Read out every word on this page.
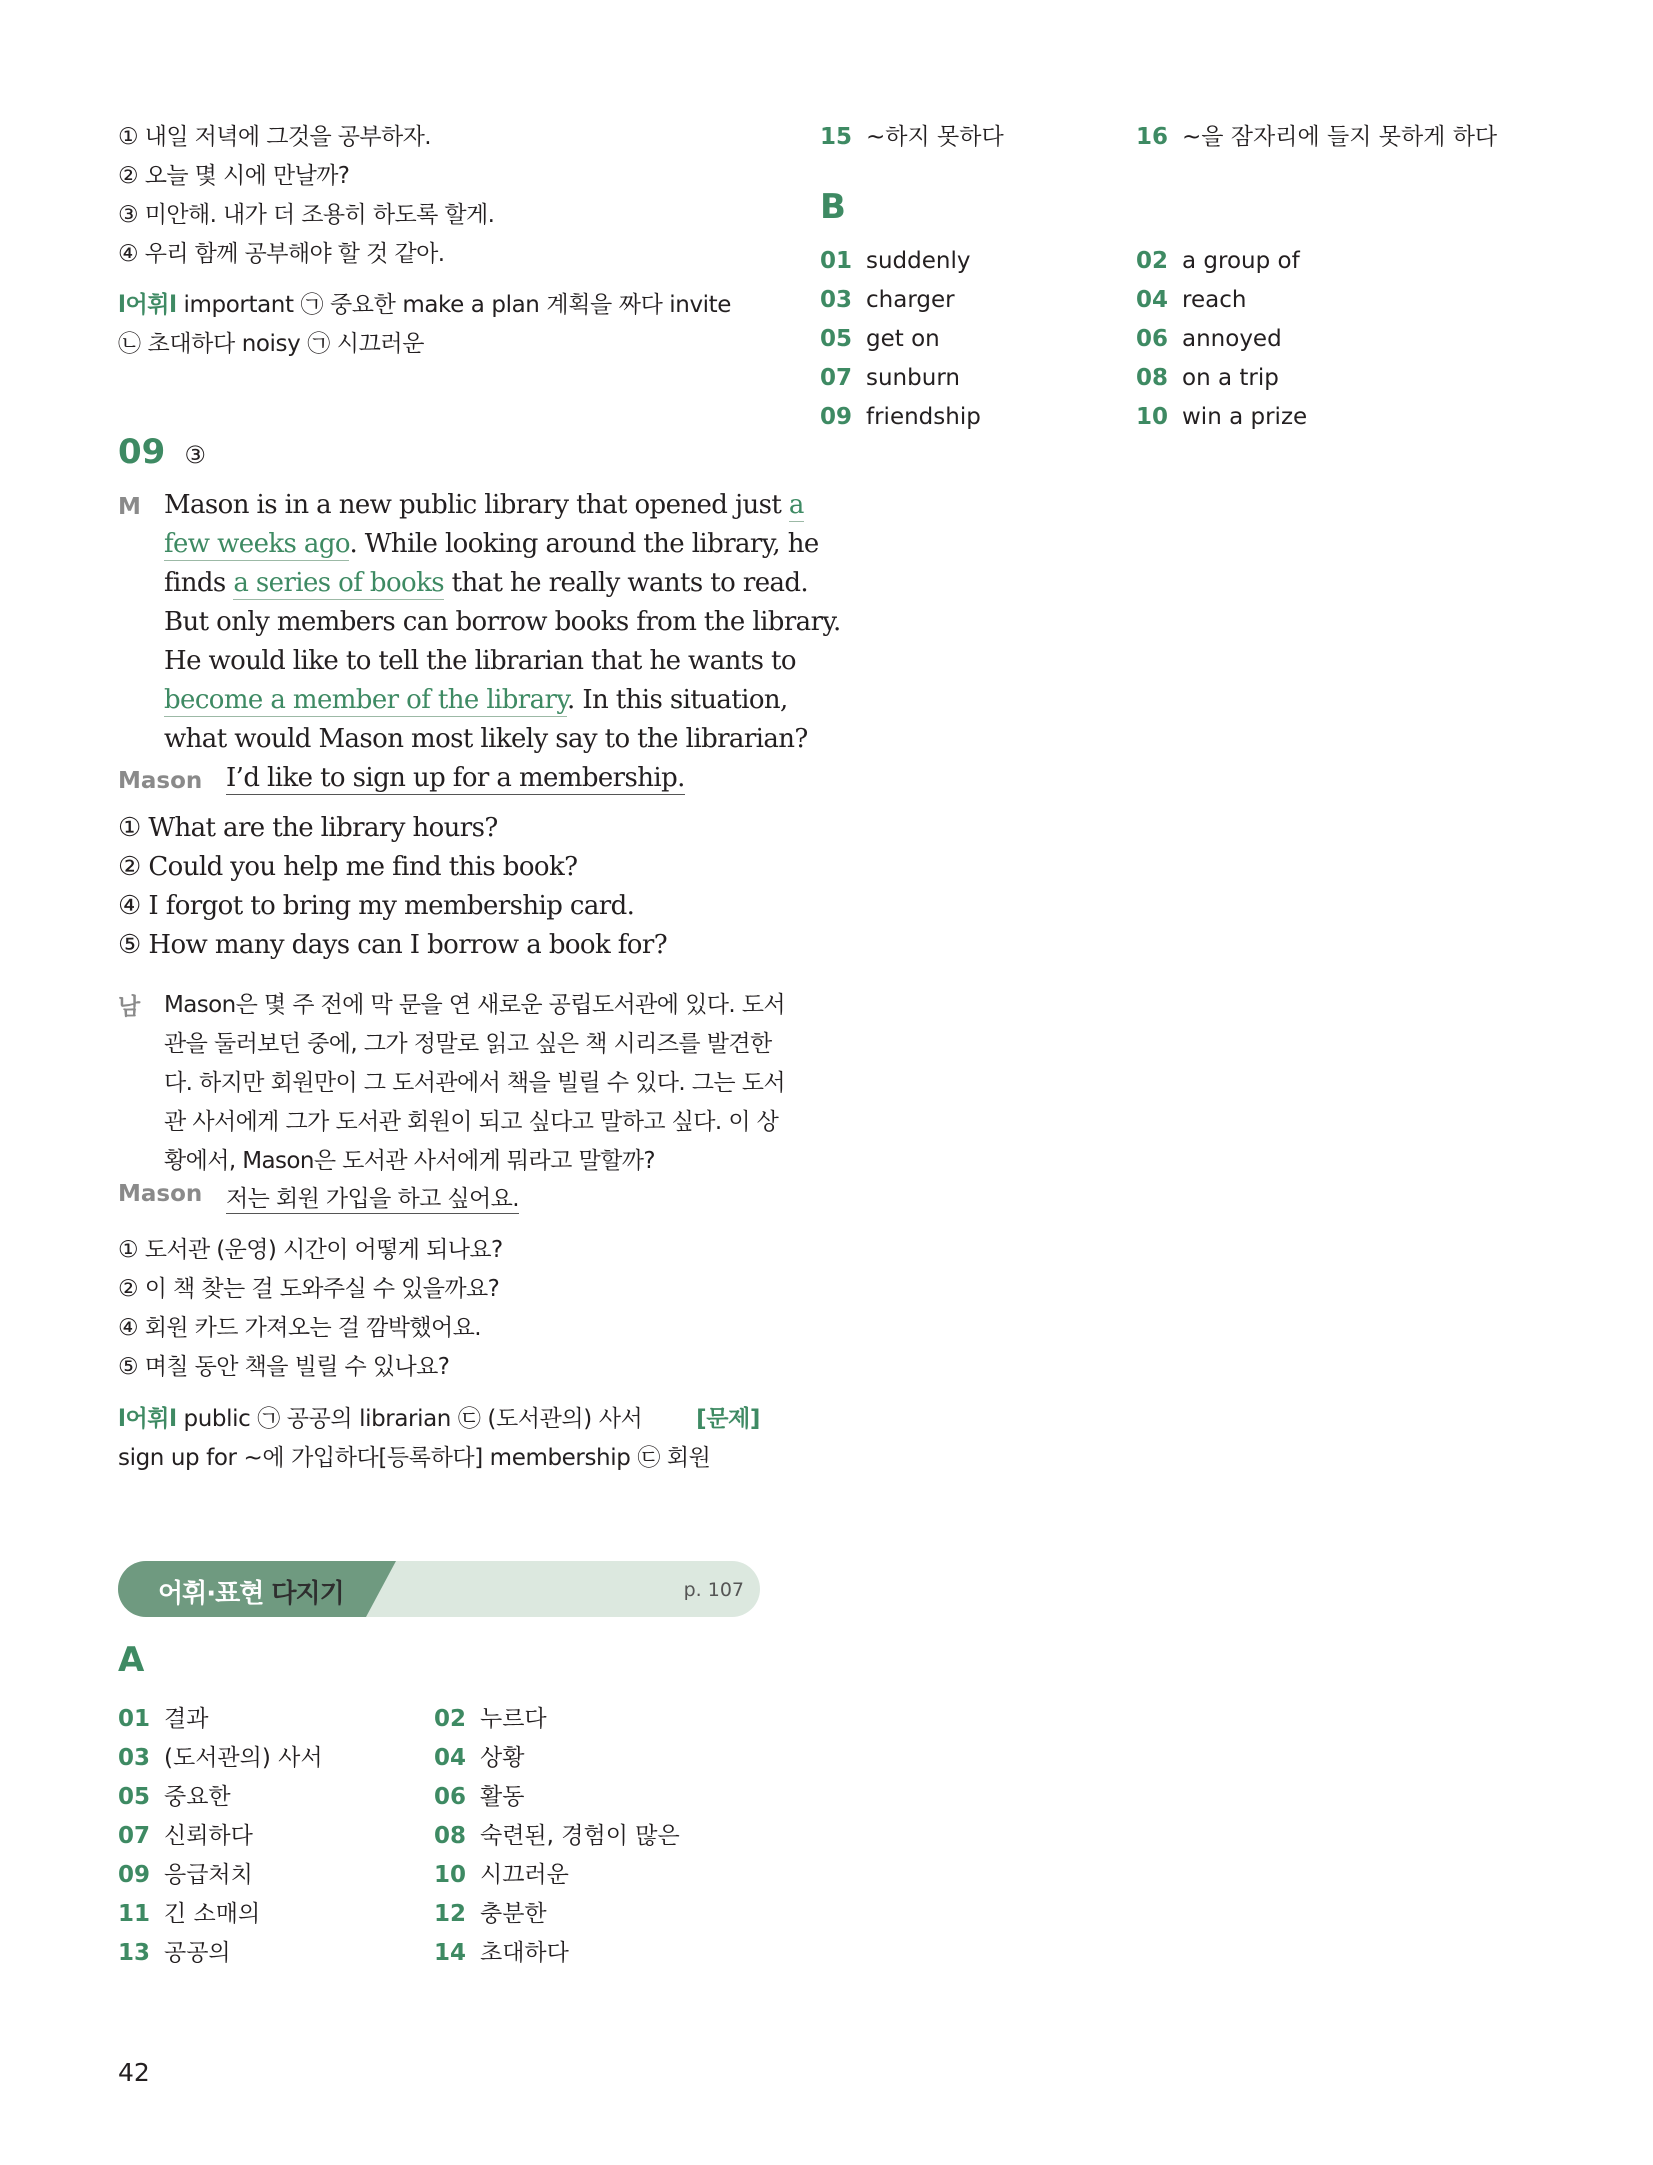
① 내일 저녁에 그것을 공부하자.
② 오늘 몇 시에 만날까?
③ 미안해. 내가 더 조용히 하도록 할게.
④ 우리 함께 공부해야 할 것 같아.
l어휘l important ㉠ 중요한 make a plan 계획을 짜다 invite
㉡ 초대하다 noisy ㉠ 시끄러운
09 ③
M Mason is in a new public library that opened just a
few weeks ago. While looking around the library, he
finds a series of books that he really wants to read.
But only members can borrow books from the library.
He would like to tell the librarian that he wants to
become a member of the library. In this situation,
what would Mason most likely say to the librarian?
Mason I’d like to sign up for a membership.
① What are the library hours?
② Could you help me find this book?
④ I forgot to bring my membership card.
⑤ How many days can I borrow a book for?
남 Mason은 몇 주 전에 막 문을 연 새로운 공립도서관에 있다. 도서
관을 둘러보던 중에, 그가 정말로 읽고 싶은 책 시리즈를 발견한
다. 하지만 회원만이 그 도서관에서 책을 빌릴 수 있다. 그는 도서
관 사서에게 그가 도서관 회원이 되고 싶다고 말하고 싶다. 이 상
황에서, Mason은 도서관 사서에게 뭐라고 말할까?
Mason 저는 회원 가입을 하고 싶어요.
① 도서관 (운영) 시간이 어떻게 되나요?
② 이 책 찾는 걸 도와주실 수 있을까요?
④ 회원 카드 가져오는 걸 깜박했어요.
⑤ 며칠 동안 책을 빌릴 수 있나요?
l어휘l public ㉠ 공공의 librarian ㉢ (도서관의) 사서 [문제]
sign up for ~에 가입하다[등록하다] membership ㉢ 회원
어휘·표현 다지기	p. 107
A
01 결과	02 누르다
03 (도서관의) 사서	04 상황
05 중요한	06 활동
07 신뢰하다	08 숙련된, 경험이 많은
09 응급처치	10 시끄러운
11 긴 소매의	12 충분한
13 공공의	14 초대하다
15 ~하지 못하다	16 ~을 잠자리에 들지 못하게 하다
B
01 suddenly	02 a group of
03 charger	04 reach
05 get on	06 annoyed
07 sunburn	08 on a trip
09 friendship	10 win a prize
42
